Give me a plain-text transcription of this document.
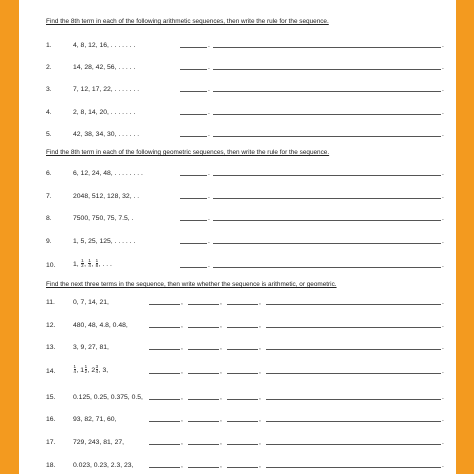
Find the 8th term in each of the following arithmetic sequences, then write the rule for the sequence.
1.	4, 8, 12, 16, . . . . . . .	.	.
2.	14, 28, 42, 56, . . . . .	.	.
3.	7, 12, 17, 22, . . . . . . .	.	.
4.	2, 8, 14, 20, . . . . . . .	.	.
5.	42, 38, 34, 30, . . . . . .	.	.
Find the 8th term in each of the following geometric sequences, then write the rule for the sequence.
6.	6, 12, 24, 48, . . . . . . . .	.	.
7.	2048, 512, 128, 32, . .	.	.
8.	7500, 750, 75, 7.5, .	.	.
9.	1, 5, 25, 125, . . . . . .	.	.
10.	1, $\frac{1}{2}$ , $\frac{1}{4}$ , $\frac{1}{8}$ , . . .	.	.
Find the next three terms in the sequence, then write whether the sequence is arithmetic, or geometric.
11.	0, 7, 14, 21,	,	,	,	.
12.	480, 48, 4.8, 0.48,	,	,	,	.
13.	3, 9, 27, 81,	,	,	,	.
14.	$\frac{1}{4}$ , $1 \frac{1}{2}$ , $2 \frac{3}{4}$ , 3,	,	,	,	.
15.	0.125, 0.25, 0.375, 0.5,	,	,	,	.
16.	93, 82, 71, 60,	,	,	,	.
17.	729, 243, 81, 27,	,	,	,	.
18.	0.023, 0.23, 2.3, 23,	,	,	,	.
